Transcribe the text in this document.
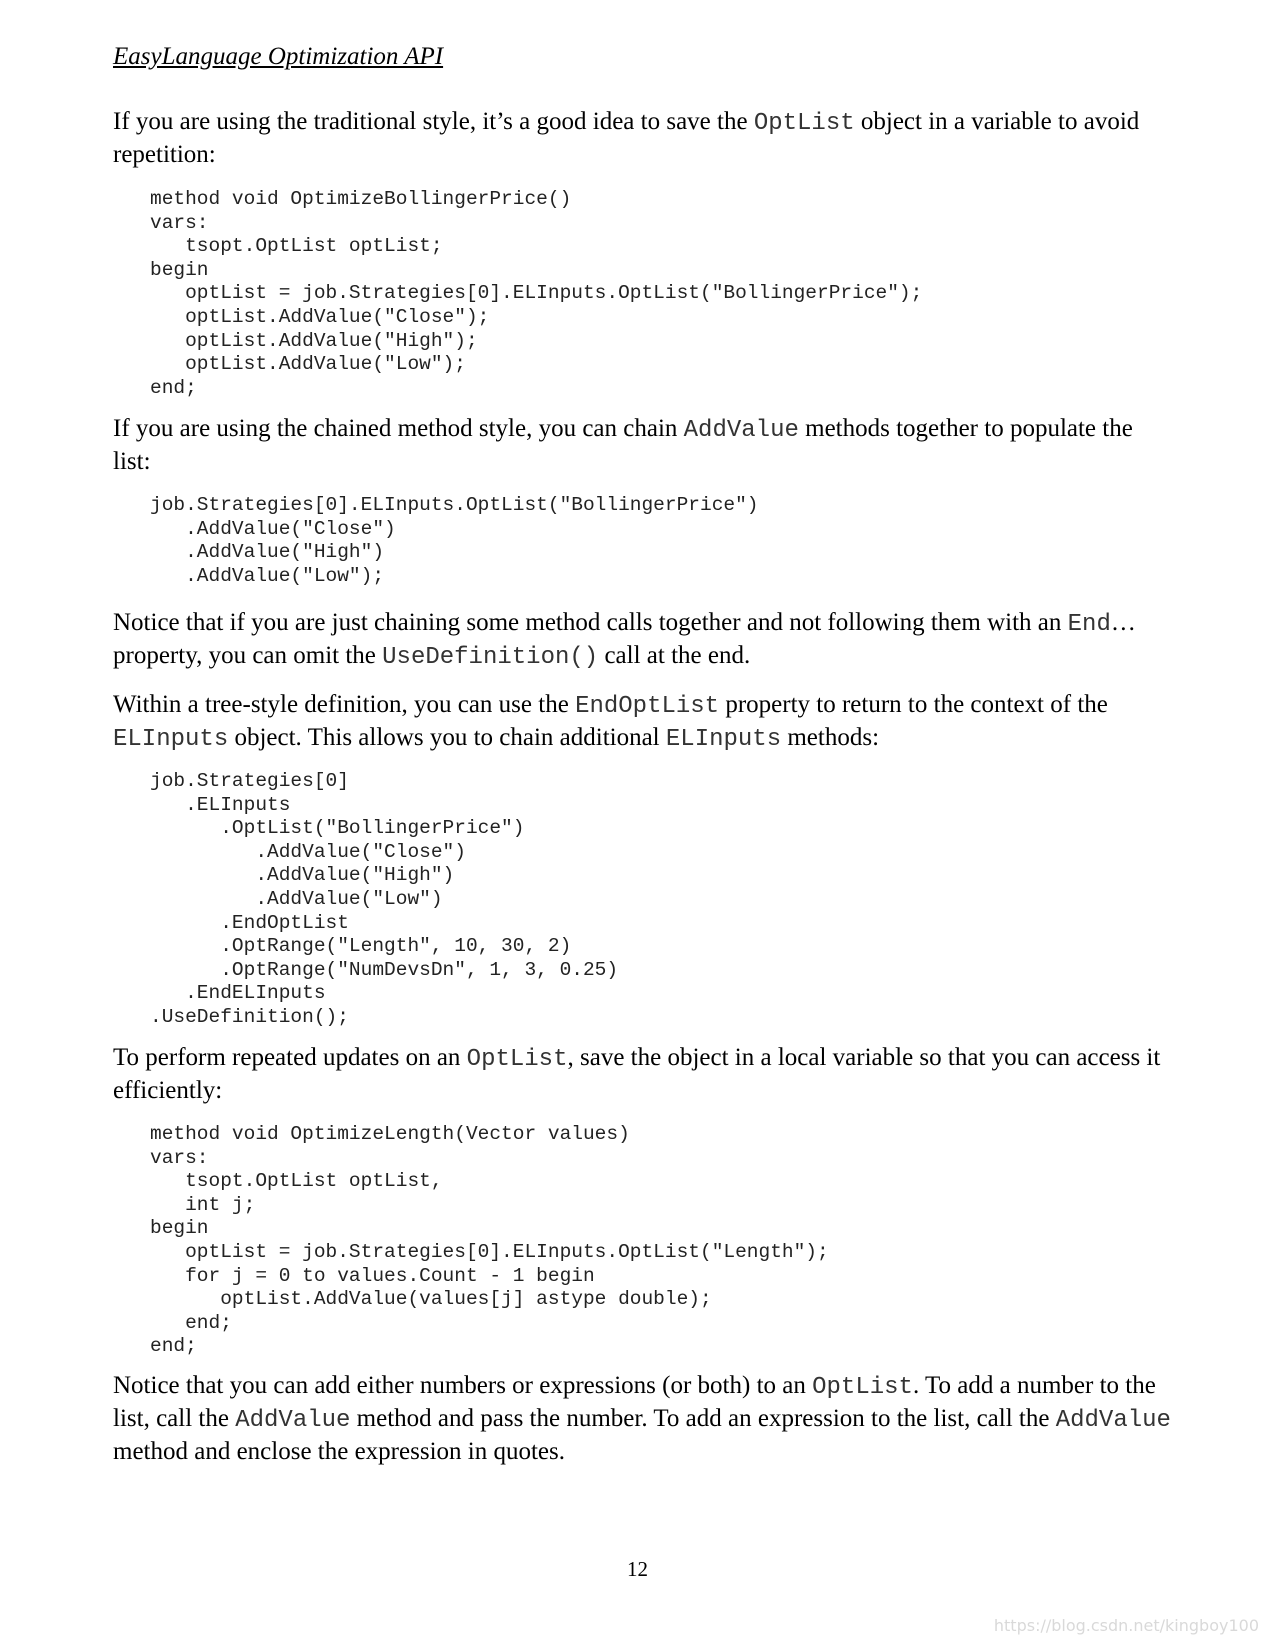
EasyLanguage Optimization API

If you are using the traditional style, it’s a good idea to save the OptList object in a variable to avoid repetition:

method void OptimizeBollingerPrice()
vars:
tsopt.OptList optList;
begin
optList = job.Strategies[0].ELInputs.OptList("BollingerPrice");
optList.AddValue("Close");
optList.AddValue("High");
optList.AddValue("Low");
end;

If you are using the chained method style, you can chain AddValue methods together to populate the list:

job.Strategies[0].ELInputs.OptList("BollingerPrice")
.AddValue("Close")
.AddValue("High")
.AddValue("Low");

Notice that if you are just chaining some method calls together and not following them with an End… property, you can omit the UseDefinition() call at the end.

Within a tree-style definition, you can use the EndOptList property to return to the context of the ELInputs object. This allows you to chain additional ELInputs methods:

job.Strategies[0]
.ELInputs
.OptList("BollingerPrice")
.AddValue("Close")
.AddValue("High")
.AddValue("Low")
.EndOptList
.OptRange("Length", 10, 30, 2)
.OptRange("NumDevsDn", 1, 3, 0.25)
.EndELInputs
.UseDefinition();

To perform repeated updates on an OptList, save the object in a local variable so that you can access it efficiently:

method void OptimizeLength(Vector values)
vars:
tsopt.OptList optList,
int j;
begin
optList = job.Strategies[0].ELInputs.OptList("Length");
for j = 0 to values.Count - 1 begin
optList.AddValue(values[j] astype double);
end;
end;

Notice that you can add either numbers or expressions (or both) to an OptList. To add a number to the list, call the AddValue method and pass the number. To add an expression to the list, call the AddValue method and enclose the expression in quotes.

12
https://blog.csdn.net/kingboy100
